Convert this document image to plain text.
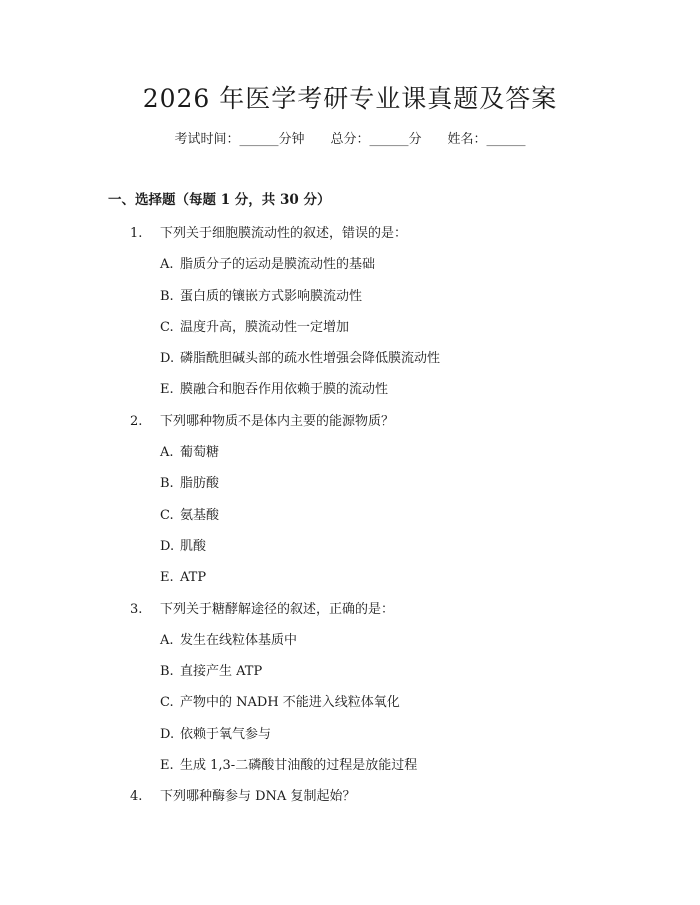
2026 年医学考研专业课真题及答案
考试时间：______分钟 总分：______分 姓名：______
一、选择题（每题 1 分，共 30 分）
1. 下列关于细胞膜流动性的叙述，错误的是：
A. 脂质分子的运动是膜流动性的基础
B. 蛋白质的镶嵌方式影响膜流动性
C. 温度升高，膜流动性一定增加
D. 磷脂酰胆碱头部的疏水性增强会降低膜流动性
E. 膜融合和胞吞作用依赖于膜的流动性
2. 下列哪种物质不是体内主要的能源物质？
A. 葡萄糖
B. 脂肪酸
C. 氨基酸
D. 肌酸
E. ATP
3. 下列关于糖酵解途径的叙述，正确的是：
A. 发生在线粒体基质中
B. 直接产生 ATP
C. 产物中的 NADH 不能进入线粒体氧化
D. 依赖于氧气参与
E. 生成 1,3-二磷酸甘油酸的过程是放能过程
4. 下列哪种酶参与 DNA 复制起始？
